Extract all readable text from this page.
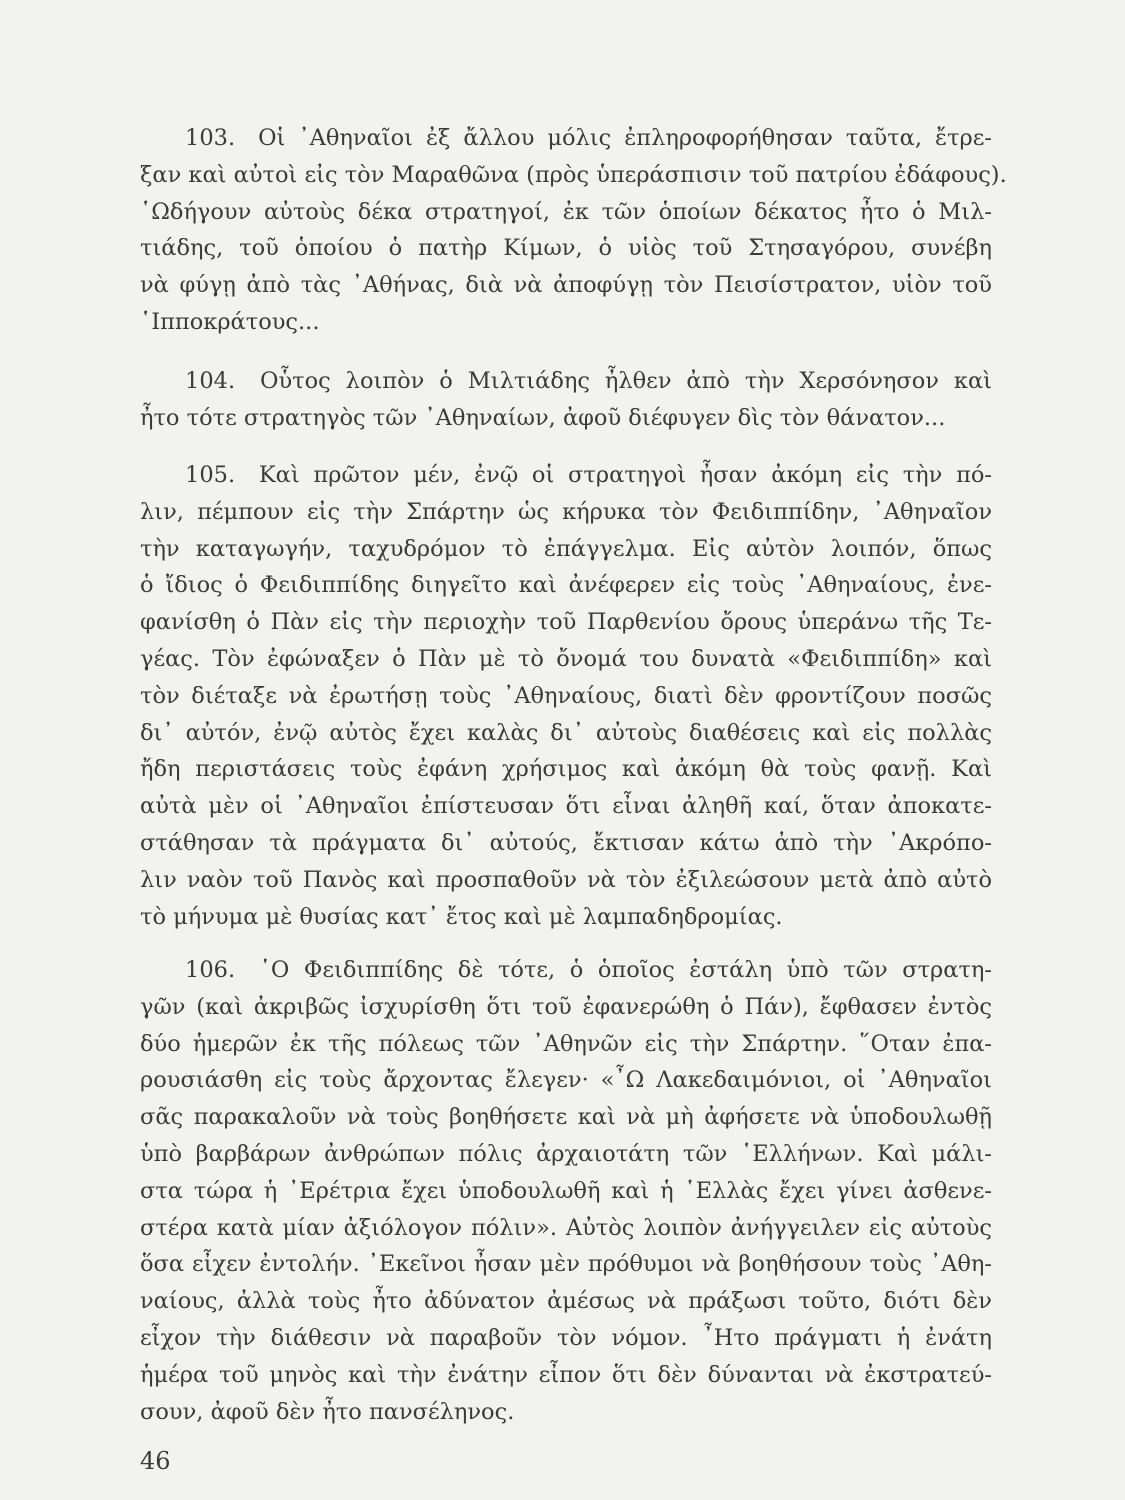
103. Οἱ ᾿Αθηναῖοι ἐξ ἄλλου μόλις ἐπληροφορήθησαν ταῦτα, ἔτρε-
ξαν καὶ αὐτοὶ εἰς τὸν Μαραθῶνα (πρὸς ὑπεράσπισιν τοῦ πατρίου ἐδάφους).
῾Ωδήγουν αὐτοὺς δέκα στρατηγοί, ἐκ τῶν ὁποίων δέκατος ἦτο ὁ Μιλ-
τιάδης, τοῦ ὁποίου ὁ πατὴρ Κίμων, ὁ υἱὸς τοῦ Στησαγόρου, συνέβη
νὰ φύγῃ ἀπὸ τὰς ᾿Αθήνας, διὰ νὰ ἀποφύγῃ τὸν Πεισίστρατον, υἱὸν τοῦ
῾Ιπποκράτους...
104. Οὗτος λοιπὸν ὁ Μιλτιάδης ἦλθεν ἀπὸ τὴν Χερσόνησον καὶ
ἦτο τότε στρατηγὸς τῶν ᾿Αθηναίων, ἀφοῦ διέφυγεν δὶς τὸν θάνατον...
105. Καὶ πρῶτον μέν, ἐνῷ οἱ στρατηγοὶ ἦσαν ἀκόμη εἰς τὴν πό-
λιν, πέμπουν εἰς τὴν Σπάρτην ὡς κήρυκα τὸν Φειδιππίδην, ᾿Αθηναῖον
τὴν καταγωγήν, ταχυδρόμον τὸ ἐπάγγελμα. Εἰς αὐτὸν λοιπόν, ὅπως
ὁ ἴδιος ὁ Φειδιππίδης διηγεῖτο καὶ ἀνέφερεν εἰς τοὺς ᾿Αθηναίους, ἐνε-
φανίσθη ὁ Πὰν εἰς τὴν περιοχὴν τοῦ Παρθενίου ὄρους ὑπεράνω τῆς Τε-
γέας. Τὸν ἐφώναξεν ὁ Πὰν μὲ τὸ ὄνομά του δυνατὰ «Φειδιππίδη» καὶ
τὸν διέταξε νὰ ἐρωτήσῃ τοὺς ᾿Αθηναίους, διατὶ δὲν φροντίζουν ποσῶς
δι᾿ αὐτόν, ἐνῷ αὐτὸς ἔχει καλὰς δι᾿ αὐτοὺς διαθέσεις καὶ εἰς πολλὰς
ἤδη περιστάσεις τοὺς ἐφάνη χρήσιμος καὶ ἀκόμη θὰ τοὺς φανῇ. Καὶ
αὐτὰ μὲν οἱ ᾿Αθηναῖοι ἐπίστευσαν ὅτι εἶναι ἀληθῆ καί, ὅταν ἀποκατε-
στάθησαν τὰ πράγματα δι᾿ αὐτούς, ἔκτισαν κάτω ἀπὸ τὴν ᾿Ακρόπο-
λιν ναὸν τοῦ Πανὸς καὶ προσπαθοῦν νὰ τὸν ἐξιλεώσουν μετὰ ἀπὸ αὐτὸ
τὸ μήνυμα μὲ θυσίας κατ᾿ ἔτος καὶ μὲ λαμπαδηδρομίας.
106. ῾Ο Φειδιππίδης δὲ τότε, ὁ ὁποῖος ἐστάλη ὑπὸ τῶν στρατη-
γῶν (καὶ ἀκριβῶς ἰσχυρίσθη ὅτι τοῦ ἐφανερώθη ὁ Πάν), ἔφθασεν ἐντὸς
δύο ἡμερῶν ἐκ τῆς πόλεως τῶν ᾿Αθηνῶν εἰς τὴν Σπάρτην. ῞Οταν ἐπα-
ρουσιάσθη εἰς τοὺς ἄρχοντας ἔλεγεν· «῏Ω Λακεδαιμόνιοι, οἱ ᾿Αθηναῖοι
σᾶς παρακαλοῦν νὰ τοὺς βοηθήσετε καὶ νὰ μὴ ἀφήσετε νὰ ὑποδουλωθῇ
ὑπὸ βαρβάρων ἀνθρώπων πόλις ἀρχαιοτάτη τῶν ῾Ελλήνων. Καὶ μάλι-
στα τώρα ἡ ᾿Ερέτρια ἔχει ὑποδουλωθῆ καὶ ἡ ῾Ελλὰς ἔχει γίνει ἀσθενε-
στέρα κατὰ μίαν ἀξιόλογον πόλιν». Αὐτὸς λοιπὸν ἀνήγγειλεν εἰς αὐτοὺς
ὅσα εἶχεν ἐντολήν. ᾿Εκεῖνοι ἦσαν μὲν πρόθυμοι νὰ βοηθήσουν τοὺς ᾿Αθη-
ναίους, ἀλλὰ τοὺς ἦτο ἀδύνατον ἀμέσως νὰ πράξωσι τοῦτο, διότι δὲν
εἶχον τὴν διάθεσιν νὰ παραβοῦν τὸν νόμον. ῏Ητο πράγματι ἡ ἐνάτη
ἡμέρα τοῦ μηνὸς καὶ τὴν ἐνάτην εἶπον ὅτι δὲν δύνανται νὰ ἐκστρατεύ-
σουν, ἀφοῦ δὲν ἦτο πανσέληνος.
46
